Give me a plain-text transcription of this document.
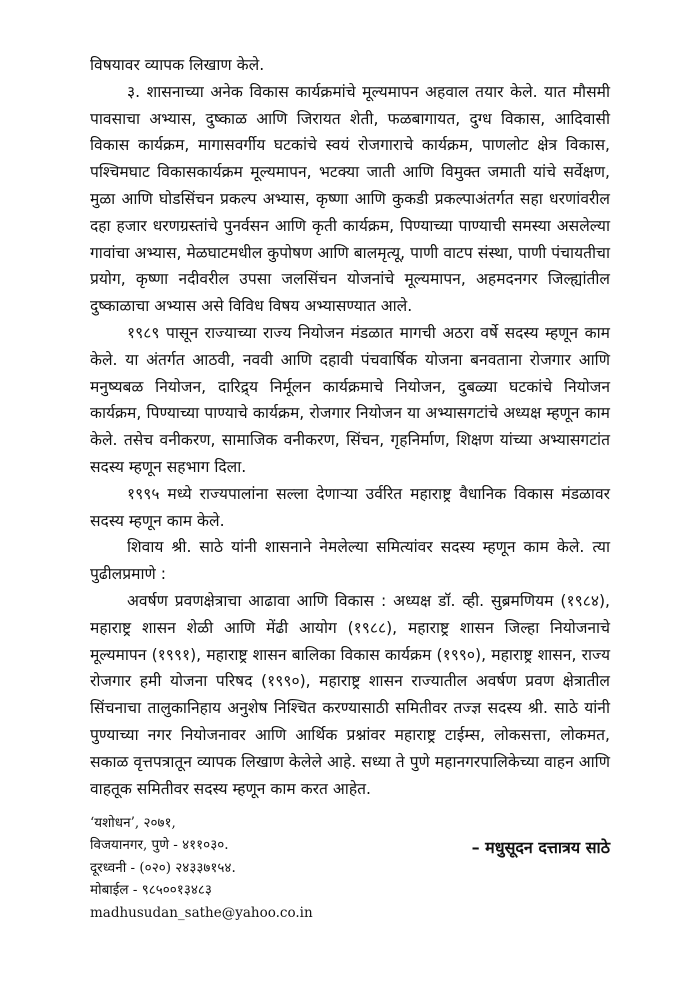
विषयावर व्यापक लिखाण केले.

३. शासनाच्या अनेक विकास कार्यक्रमांचे मूल्यमापन अहवाल तयार केले. यात मौसमी पावसाचा अभ्यास, दुष्काळ आणि जिरायत शेती, फळबागायत, दुग्ध विकास, आदिवासी विकास कार्यक्रम, मागासवर्गीय घटकांचे स्वयं रोजगाराचे कार्यक्रम, पाणलोट क्षेत्र विकास, पश्चिमघाट विकासकार्यक्रम मूल्यमापन, भटक्या जाती आणि विमुक्त जमाती यांचे सर्वेक्षण, मुळा आणि घोडसिंचन प्रकल्प अभ्यास, कृष्णा आणि कुकडी प्रकल्पाअंतर्गत सहा धरणांवरील दहा हजार धरणग्रस्तांचे पुनर्वसन आणि कृती कार्यक्रम, पिण्याच्या पाण्याची समस्या असलेल्या गावांचा अभ्यास, मेळघाटमधील कुपोषण आणि बालमृत्यू, पाणी वाटप संस्था, पाणी पंचायतीचा प्रयोग, कृष्णा नदीवरील उपसा जलसिंचन योजनांचे मूल्यमापन, अहमदनगर जिल्ह्यांतील दुष्काळाचा अभ्यास असे विविध विषय अभ्यासण्यात आले.

१९८९ पासून राज्याच्या राज्य नियोजन मंडळात मागची अठरा वर्षे सदस्य म्हणून काम केले. या अंतर्गत आठवी, नववी आणि दहावी पंचवार्षिक योजना बनवताना रोजगार आणि मनुष्यबळ नियोजन, दारिद्र्य निर्मूलन कार्यक्रमाचे नियोजन, दुबळ्या घटकांचे नियोजन कार्यक्रम, पिण्याच्या पाण्याचे कार्यक्रम, रोजगार नियोजन या अभ्यासगटांचे अध्यक्ष म्हणून काम केले. तसेच वनीकरण, सामाजिक वनीकरण, सिंचन, गृहनिर्माण, शिक्षण यांच्या अभ्यासगटांत सदस्य म्हणून सहभाग दिला.

१९९५ मध्ये राज्यपालांना सल्ला देणाऱ्या उर्वरित महाराष्ट्र वैधानिक विकास मंडळावर सदस्य म्हणून काम केले.

शिवाय श्री. साठे यांनी शासनाने नेमलेल्या समित्यांवर सदस्य म्हणून काम केले. त्या पुढीलप्रमाणे :

अवर्षण प्रवणक्षेत्राचा आढावा आणि विकास : अध्यक्ष डॉ. व्ही. सुब्रमणियम (१९८४), महाराष्ट्र शासन शेळी आणि मेंढी आयोग (१९८८), महाराष्ट्र शासन जिल्हा नियोजनाचे मूल्यमापन (१९९१), महाराष्ट्र शासन बालिका विकास कार्यक्रम (१९९०), महाराष्ट्र शासन, राज्य रोजगार हमी योजना परिषद (१९९०), महाराष्ट्र शासन राज्यातील अवर्षण प्रवण क्षेत्रातील सिंचनाचा तालुकानिहाय अनुशेष निश्चित करण्यासाठी समितीवर तज्ज्ञ सदस्य श्री. साठे यांनी पुण्याच्या नगर नियोजनावर आणि आर्थिक प्रश्नांवर महाराष्ट्र टाईम्स, लोकसत्ता, लोकमत, सकाळ वृत्तपत्रातून व्यापक लिखाण केलेले आहे. सध्या ते पुणे महानगरपालिकेच्या वाहन आणि वाहतूक समितीवर सदस्य म्हणून काम करत आहेत.

‘यशोधन’, २०७१,
विजयानगर, पुणे - ४११०३०.
दूरध्वनी - (०२०) २४३३७१५४.
मोबाईल - ९८५००१३४८३
madhusudan_sathe@yahoo.co.in
– मधुसूदन दत्तात्रय साठे
